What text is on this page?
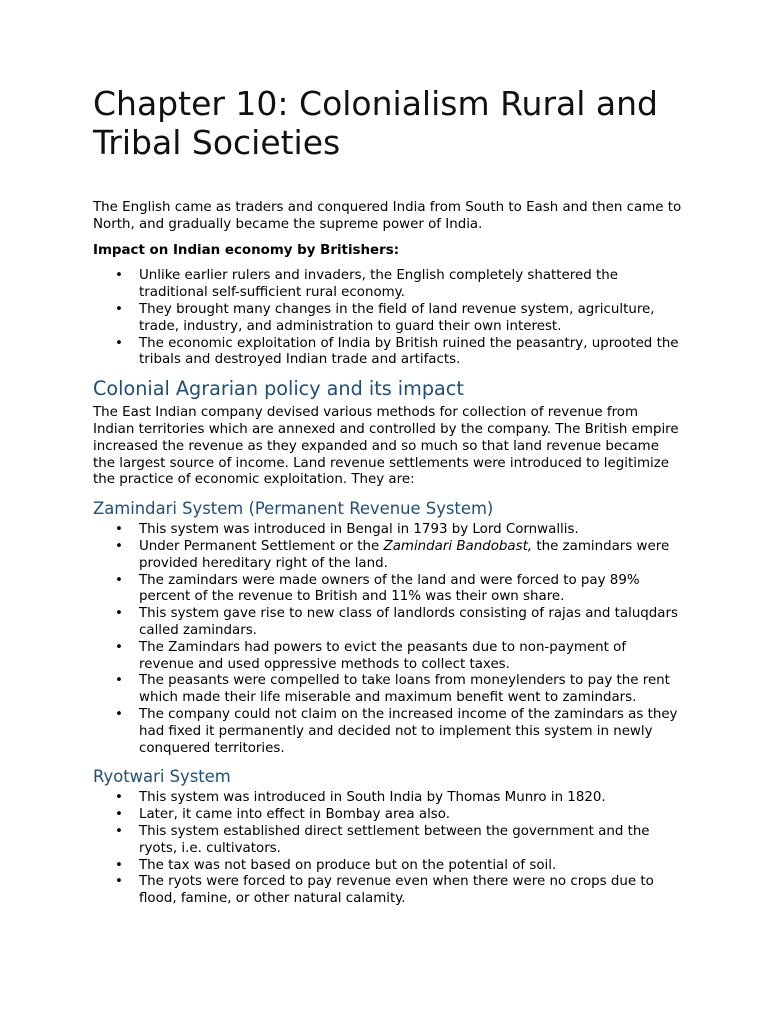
Chapter 10: Colonialism Rural and Tribal Societies

The English came as traders and conquered India from South to Eash and then came to North, and gradually became the supreme power of India.

Impact on Indian economy by Britishers:

• Unlike earlier rulers and invaders, the English completely shattered the traditional self-sufficient rural economy.
• They brought many changes in the field of land revenue system, agriculture, trade, industry, and administration to guard their own interest.
• The economic exploitation of India by British ruined the peasantry, uprooted the tribals and destroyed Indian trade and artifacts.
Colonial Agrarian policy and its impact

The East Indian company devised various methods for collection of revenue from Indian territories which are annexed and controlled by the company. The British empire increased the revenue as they expanded and so much so that land revenue became the largest source of income. Land revenue settlements were introduced to legitimize the practice of economic exploitation. They are:

Zamindari System (Permanent Revenue System)
• This system was introduced in Bengal in 1793 by Lord Cornwallis.
• Under Permanent Settlement or the Zamindari Bandobast, the zamindars were provided hereditary right of the land.
• The zamindars were made owners of the land and were forced to pay 89% percent of the revenue to British and 11% was their own share.
• This system gave rise to new class of landlords consisting of rajas and taluqdars called zamindars.
• The Zamindars had powers to evict the peasants due to non-payment of revenue and used oppressive methods to collect taxes.
• The peasants were compelled to take loans from moneylenders to pay the rent which made their life miserable and maximum benefit went to zamindars.
• The company could not claim on the increased income of the zamindars as they had fixed it permanently and decided not to implement this system in newly conquered territories.
Ryotwari System
• This system was introduced in South India by Thomas Munro in 1820.
• Later, it came into effect in Bombay area also.
• This system established direct settlement between the government and the ryots, i.e. cultivators.
• The tax was not based on produce but on the potential of soil.
• The ryots were forced to pay revenue even when there were no crops due to flood, famine, or other natural calamity.
